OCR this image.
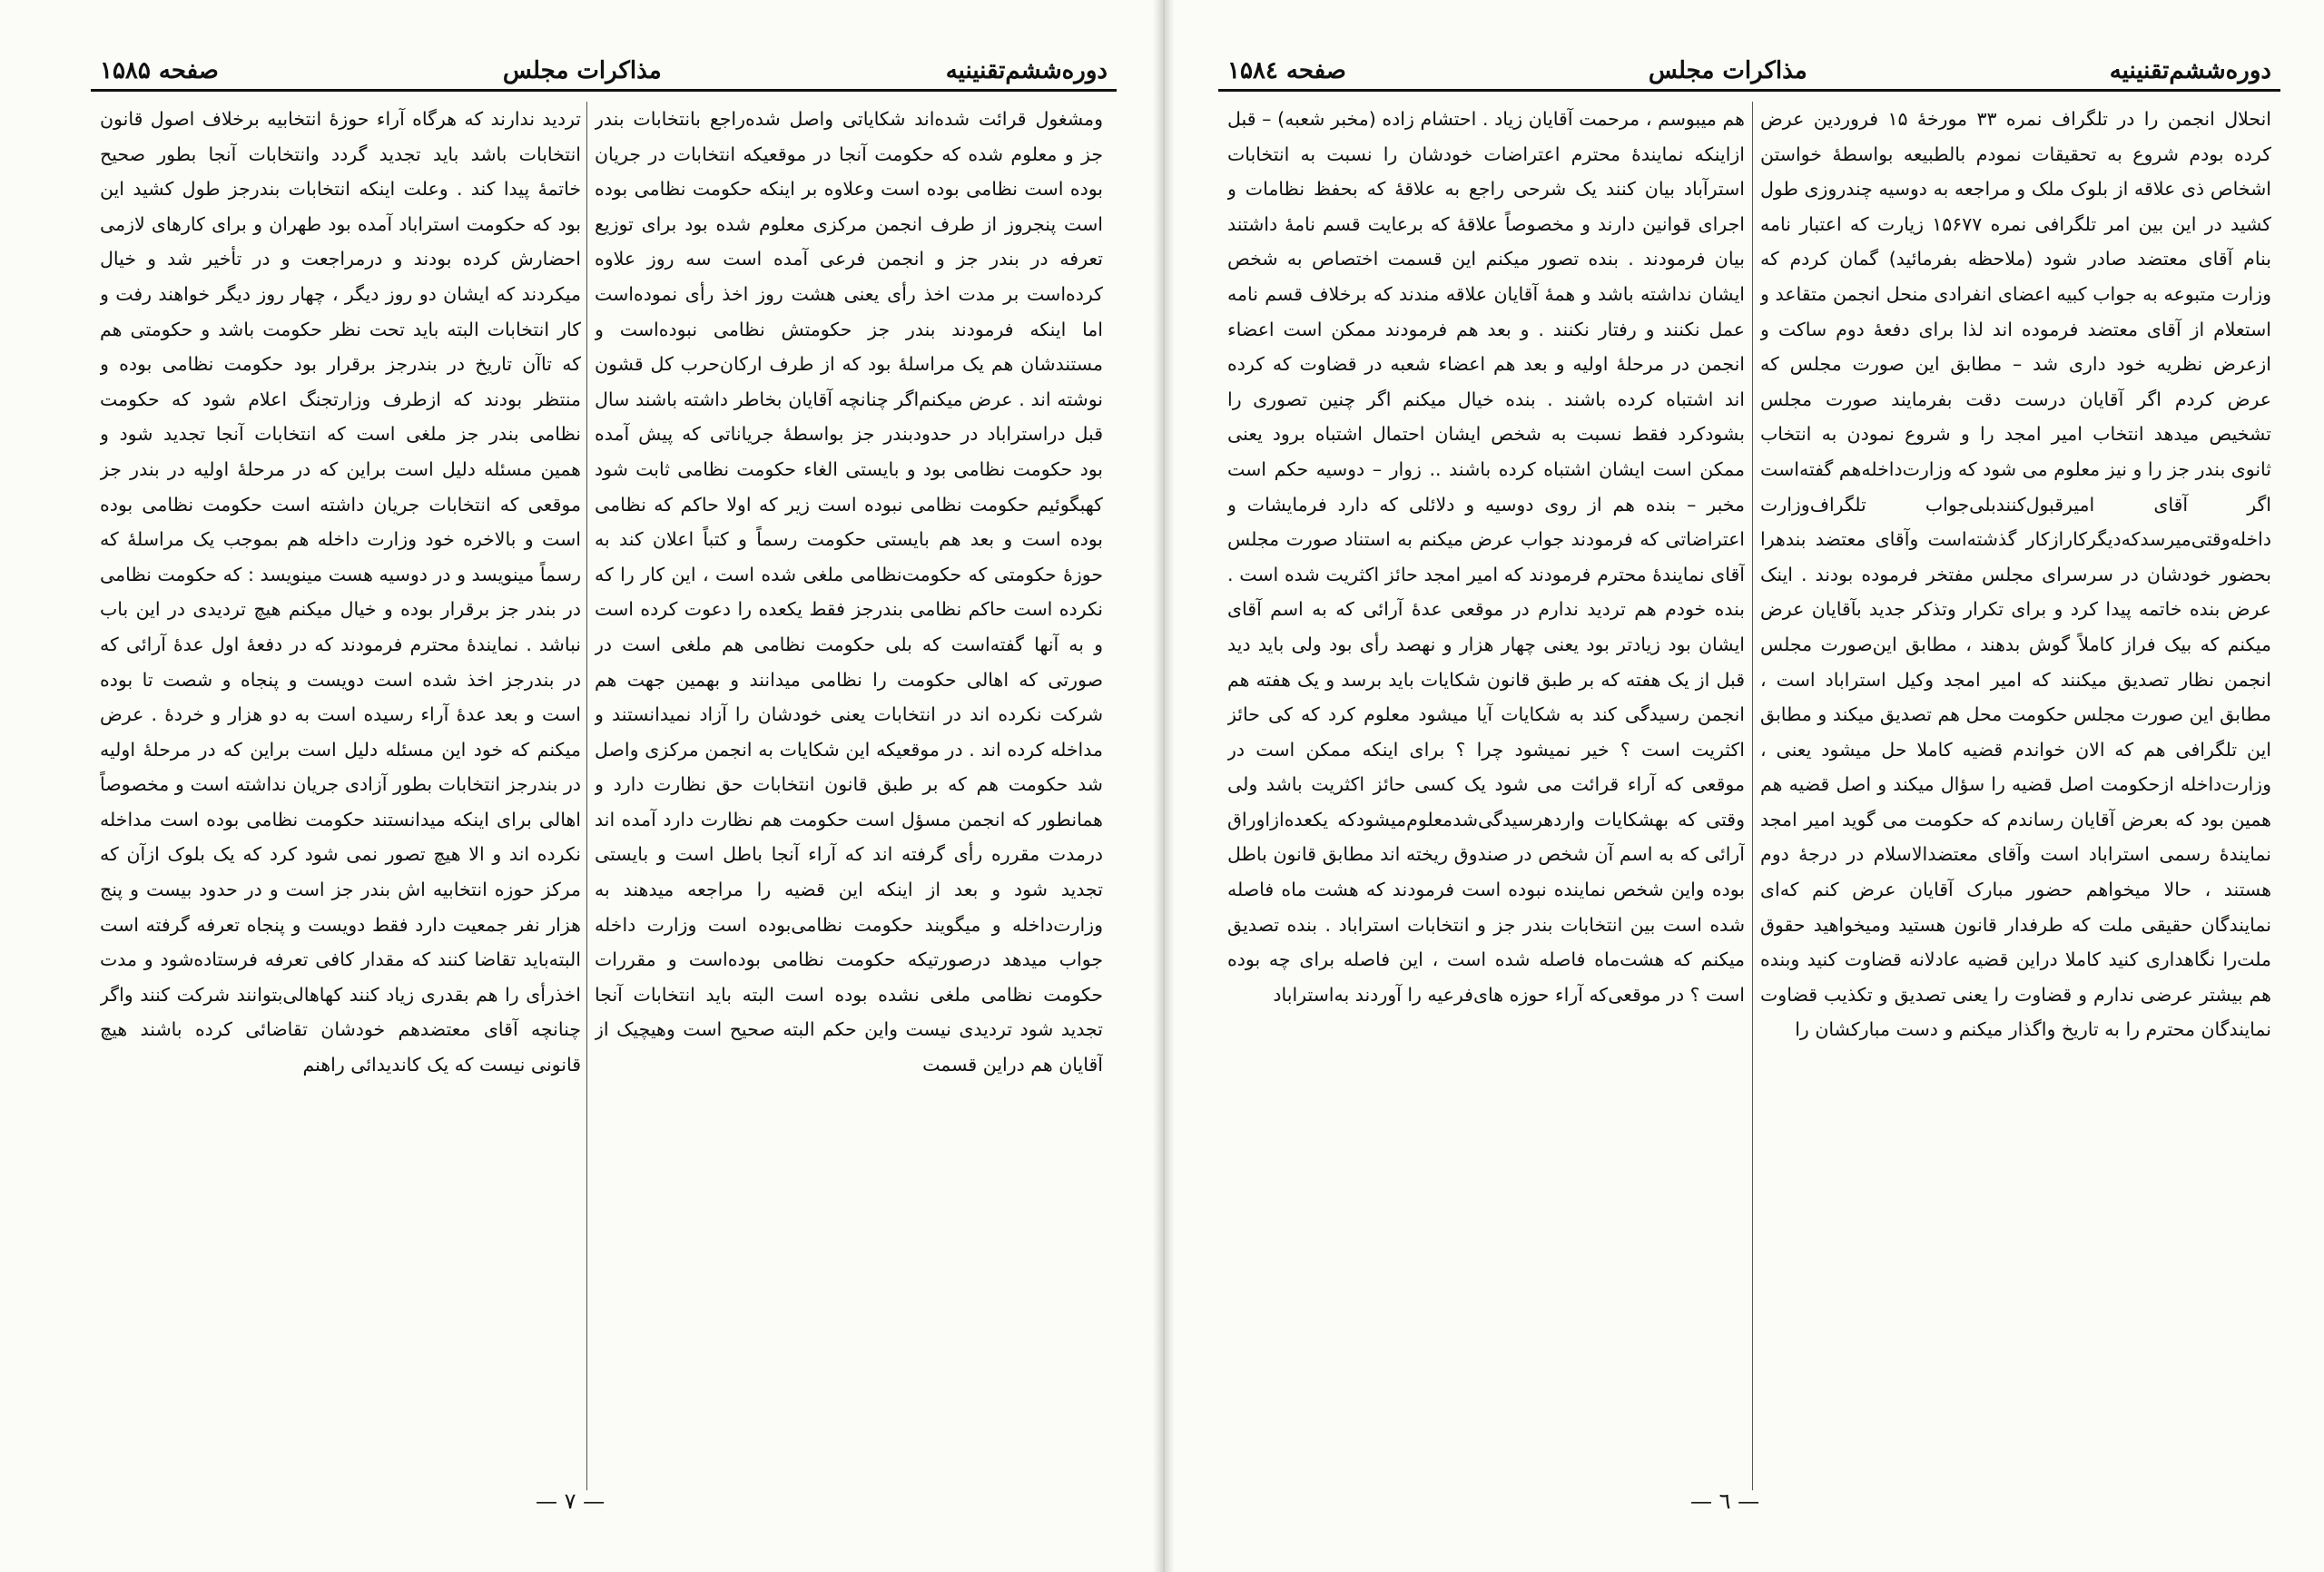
دوره‌ششم‌تقنینیه
مذاکرات مجلس
صفحه ۱۵۸۵

ومشغول قرائت شده‌اند شکایاتی واصل شده‌راجع بانتخابات بندر جز و معلوم شده که حکومت آنجا در موقعیکه انتخابات در جریان بوده است نظامی بوده است وعلاوه بر اینکه حکومت نظامی بوده است پنجروز از طرف انجمن مرکزی معلوم شده بود برای توزیع تعرفه در بندر جز و انجمن فرعی آمده است سه روز علاوه کرده‌است بر مدت اخذ رأی یعنی هشت روز اخذ رأی نموده‌است اما اینکه فرمودند بندر جز حکومتش نظامی نبوده‌است و مستندشان هم یک مراسلهٔ بود که از طرف ارکان‌حرب کل قشون نوشته اند . عرض میکنم‌اگر چنانچه آقایان بخاطر داشته باشند سال قبل دراستراباد در حدود‌بندر جز بواسطهٔ جریاناتی که پیش آمده بود حکومت نظامی بود و بایستی الغاء حکومت نظامی ثابت شود کهبگوئیم حکومت نظامی نبوده است زیر که اولا حاکم که نظامی بوده است و بعد هم بایستی حکومت رسماً و کتباً اعلان کند به حوزهٔ حکومتی که حکومت‌نظامی ملغی شده است ، این کار را که نکرده است حاکم نظامی بندر‌جز فقط یکعده را دعوت کرده است و به آنها گفته‌است که بلی حکومت نظامی هم ملغی است در صورتی که اهالی حکومت را نظامی میدانند و بهمین جهت هم شرکت نکرده اند در انتخابات یعنی خودشان را آزاد نمیدانستند و مداخله کرده اند . در موقعیکه این شکایات به انجمن مرکزی واصل شد حکومت هم که بر طبق قانون انتخابات حق نظارت دارد و همانطور که انجمن مسؤل است حکومت هم نظارت دارد آمده اند درمدت مقرره رأی گرفته اند که آراء آنجا باطل است و بایستی تجدید شود و بعد از اینکه این قضیه را مراجعه میدهند به وزارت‌داخله و میگویند حکومت نظامی‌بوده است وزارت داخله جواب میدهد درصورتیکه حکومت نظامی بوده‌است و مقررات حکومت نظامی ملغی نشده بوده است البته باید انتخابات آنجا تجدید شود تردیدی نیست واین حکم البته صحیح است وهیچیک از آقایان هم دراین قسمت

تردید ندارند که هرگاه آراء حوزهٔ انتخابیه برخلاف اصول قانون انتخابات باشد باید تجدید گردد وانتخابات آنجا بطور صحیح خاتمهٔ پیدا کند . وعلت اینکه انتخابات بندرجز طول کشید این بود که حکومت استراباد آمده بود طهران و برای کارهای لازمی احضارش کرده بودند و درمراجعت و در تأخیر شد و خیال میکردند که ایشان دو روز دیگر ، چهار روز دیگر خواهند رفت و کار انتخابات البته باید تحت نظر حکومت باشد و حکومتی هم که تاآن تاریخ در بندرجز برقرار بود حکومت نظامی بوده و منتظر بودند که ازطرف وزارتجنگ اعلام شود که حکومت نظامی بندر جز ملغی است که انتخابات آنجا تجدید شود و همین مسئله دلیل است براین که در مرحلهٔ اولیه در بندر جز موقعی که انتخابات جریان داشته است حکومت نظامی بوده است و بالاخره خود وزارت داخله هم بموجب یک مراسلهٔ که رسماً مینویسد و در دوسیه هست مینویسد : که حکومت نظامی در بندر جز برقرار بوده و خیال میکنم هیچ تردیدی در این باب نباشد . نمایندهٔ محترم فرمودند که در دفعهٔ اول عدهٔ آرائی که در بندرجز اخذ شده است دویست و پنجاه و شصت تا بوده است و بعد عدهٔ آراء رسیده است به دو هزار و خردهٔ . عرض میکنم که خود این مسئله دلیل است براین که در مرحلهٔ اولیه در بندرجز انتخابات بطور آزادی جریان نداشته است و مخصوصاً اهالی برای اینکه میدانستند حکومت نظامی بوده است مداخله نکرده اند و الا هیچ تصور نمی شود کرد که یک بلوک ازآن که مرکز حوزه انتخابیه اش بندر جز است و در حدود بیست و پنج هزار نفر جمعیت دارد فقط دویست و پنجاه تعرفه گرفته است البته‌باید تقاضا کنند که مقدار کافی تعرفه فرستاده‌شود و مدت اخذ‌رأی را هم بقدری زیاد کنند کهاهالی‌بتوانند شرکت کنند واگر چنانچه آقای معتضد‌هم خودشان تقاضائی کرده باشند هیچ قانونی نیست که یک کاندیدائی راهنم

— ۷ —
دوره‌ششم‌تقنینیه
مذاکرات مجلس
صفحه ۱۵۸٤

انحلال انجمن را در تلگراف نمره ۳۳ مورخهٔ ۱۵ فروردین عرض کرده بودم شروع به تحقیقات نمودم بالطبیعه بواسطهٔ خواستن اشخاص ذی علاقه از بلوک ملک و مراجعه به دوسیه چندروزی طول کشید در این بین امر تلگرافی نمره ۱۵۶۷۷ زیارت که اعتبار نامه بنام آقای معتضد صادر شود (ملاحظه بفرمائید) گمان کردم که وزارت متبوعه به جواب کبیه اعضای انفرادی منحل انجمن متقاعد و استعلام از آقای معتضد فرموده اند لذا برای دفعهٔ دوم ساکت و ازعرض نظریه خود داری شد – مطابق این صورت مجلس که عرض کردم اگر آقایان درست دقت بفرمایند صورت مجلس تشخیص میدهد انتخاب امیر امجد را و شروع نمودن به انتخاب ثانوی بندر جز را و نیز معلوم می شود که وزارت‌داخله‌هم گفته‌است اگر آقای امیرقبول‌کنند‌بلی‌جواب تلگراف‌وزارت داخله‌وقتی‌میرسد‌که‌دیگر‌کاراز‌کار گذشته‌است وآقای معتضد بندهرا بحضور خودشان در سرسرای مجلس مفتخر فرموده بودند . اینک عرض بنده خاتمه پیدا کرد و برای تکرار وتذکر جدید بآقایان عرض میکنم که بیک فراز کاملاً گوش بدهند ، مطابق این‌صورت مجلس انجمن نظار تصدیق میکنند که امیر امجد وکیل استراباد است ، مطابق این صورت مجلس حکومت محل هم تصدیق میکند و مطابق این تلگرافی هم که الان خواندم قضیه کاملا حل میشود یعنی ، وزارت‌داخله ازحکومت اصل قضیه را سؤال میکند و اصل قضیه هم همین بود که بعرض آقایان رساندم که حکومت می گوید امیر امجد نمایندهٔ رسمی استراباد است وآقای معتضد‌الاسلام در درجهٔ دوم هستند ، حالا میخواهم حضور مبارک آقایان عرض کنم که‌ای نمایندگان حقیقی ملت که طرفدار قانون هستید ومیخواهید حقوق ملت‌را نگاهداری کنید کاملا دراین قضیه عادلانه قضاوت کنید وبنده هم بیشتر عرضی ندارم و قضاوت را یعنی تصدیق و تکذیب قضاوت نمایندگان محترم را به تاریخ واگذار میکنم و دست مبارکشان را

هم میبوسم ، مرحمت آقایان زیاد . احتشام زاده (مخبر شعبه) – قبل ازاینکه نمایندهٔ محترم اعتراضات خودشان را نسبت به انتخابات استرآباد بیان کنند یک شرحی راجع به علاقهٔ که بحفظ نظامات و اجرای قوانین دارند و مخصوصاً علاقهٔ که برعایت قسم نامهٔ داشتند بیان فرمودند . بنده تصور میکنم این قسمت اختصاص به شخص ایشان نداشته باشد و همهٔ آقایان علاقه مندند که برخلاف قسم نامه عمل نکنند و رفتار نکنند . و بعد هم فرمودند ممکن است اعضاء انجمن در مرحلهٔ اولیه و بعد هم اعضاء شعبه در قضاوت که کرده اند اشتباه کرده باشند . بنده خیال میکنم اگر چنین تصوری را بشود‌کرد فقط نسبت به شخص ایشان احتمال اشتباه برود یعنی ممکن است ایشان اشتباه کرده باشند .. زوار – دوسیه حکم است مخبر – بنده هم از روی دوسیه و دلائلی که دارد فرمایشات و اعتراضاتی که فرمودند جواب عرض میکنم به استناد صورت مجلس آقای نمایندهٔ محترم فرمودند که امیر امجد حائز اکثریت شده است . بنده خودم هم تردید ندارم در موقعی عدهٔ آرائی که به اسم آقای ایشان بود زیادتر بود یعنی چهار هزار و نهصد رأی بود ولی باید دید قبل از یک هفته که بر طبق قانون شکایات باید برسد و یک هفته هم انجمن رسیدگی کند به شکایات آیا میشود معلوم کرد که کی حائز اکثریت است ؟ خیر نمیشود چرا ؟ برای اینکه ممکن است در موقعی که آراء قرائت می شود یک کسی حائز اکثریت باشد ولی وقتی که بهشکایات واردهرسیدگی‌شد‌معلوم‌میشودکه یکعده‌ازاوراق آرائی که به اسم آن شخص در صندوق ریخته اند مطابق قانون باطل بوده واین شخص نماینده نبوده است فرمودند که هشت ماه فاصله شده است بین انتخابات بندر جز و انتخابات استراباد . بنده تصدیق میکنم که هشت‌ماه فاصله شده است ، این فاصله برای چه بوده است ؟ در موقعی‌که آراء حوزه های‌فرعیه را آوردند به‌استراباد

— ٦ —
